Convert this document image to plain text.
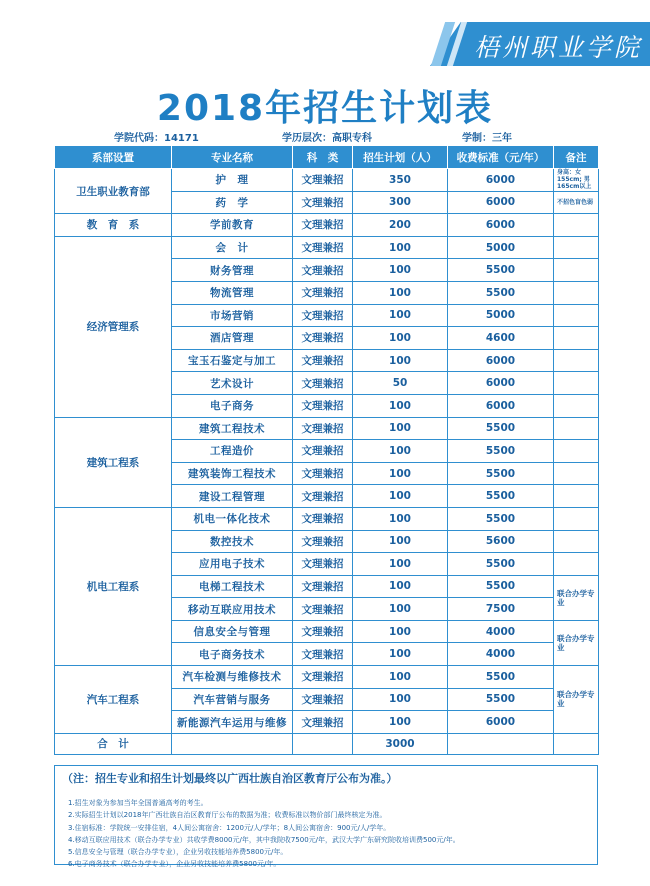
梧州职业学院
2018年招生计划表
学院代码：14171	学历层次：高职专科	学制：三年
系部设置	专业名称	科　类	招生计划（人）	收费标准（元/年）	备注
卫生职业教育部	护　理	文理兼招	350	6000	身高：女155cm; 男165cm以上
	药　学	文理兼招	300	6000	不招色盲色弱
教　育　系	学前教育	文理兼招	200	6000	
经济管理系	会　计	文理兼招	100	5000	
	财务管理	文理兼招	100	5500	
	物流管理	文理兼招	100	5500	
	市场营销	文理兼招	100	5000	
	酒店管理	文理兼招	100	4600	
	宝玉石鉴定与加工	文理兼招	100	6000	
	艺术设计	文理兼招	50	6000	
	电子商务	文理兼招	100	6000	
建筑工程系	建筑工程技术	文理兼招	100	5500	
	工程造价	文理兼招	100	5500	
	建筑装饰工程技术	文理兼招	100	5500	
	建设工程管理	文理兼招	100	5500	
机电工程系	机电一体化技术	文理兼招	100	5500	
	数控技术	文理兼招	100	5600	
	应用电子技术	文理兼招	100	5500	
	电梯工程技术	文理兼招	100	5500	联合办学专业
	移动互联应用技术	文理兼招	100	7500	
	信息安全与管理	文理兼招	100	4000	联合办学专业
	电子商务技术	文理兼招	100	4000	
汽车工程系	汽车检测与维修技术	文理兼招	100	5500	联合办学专业
	汽车营销与服务	文理兼招	100	5500	
	新能源汽车运用与维修	文理兼招	100	6000	
合　计			3000		
（注：招生专业和招生计划最终以广西壮族自治区教育厅公布为准。）
1.招生对象为参加当年全国普通高考的考生。
2.实际招生计划以2018年广西壮族自治区教育厅公布的数据为准；收费标准以物价部门最终核定为准。
3.住宿标准：学院统一安排住宿，4人间公寓宿舍：1200元/人/学年；8人间公寓宿舍：900元/人/学年。
4.移动互联应用技术（联合办学专业）共收学费8000元/年，其中我院收7500元/年，武汉大学广东研究院收培训费500元/年。
5.信息安全与管理（联合办学专业），企业另收技能培养费5800元/年。
6.电子商务技术（联合办学专业），企业另收技能培养费5800元/年。
